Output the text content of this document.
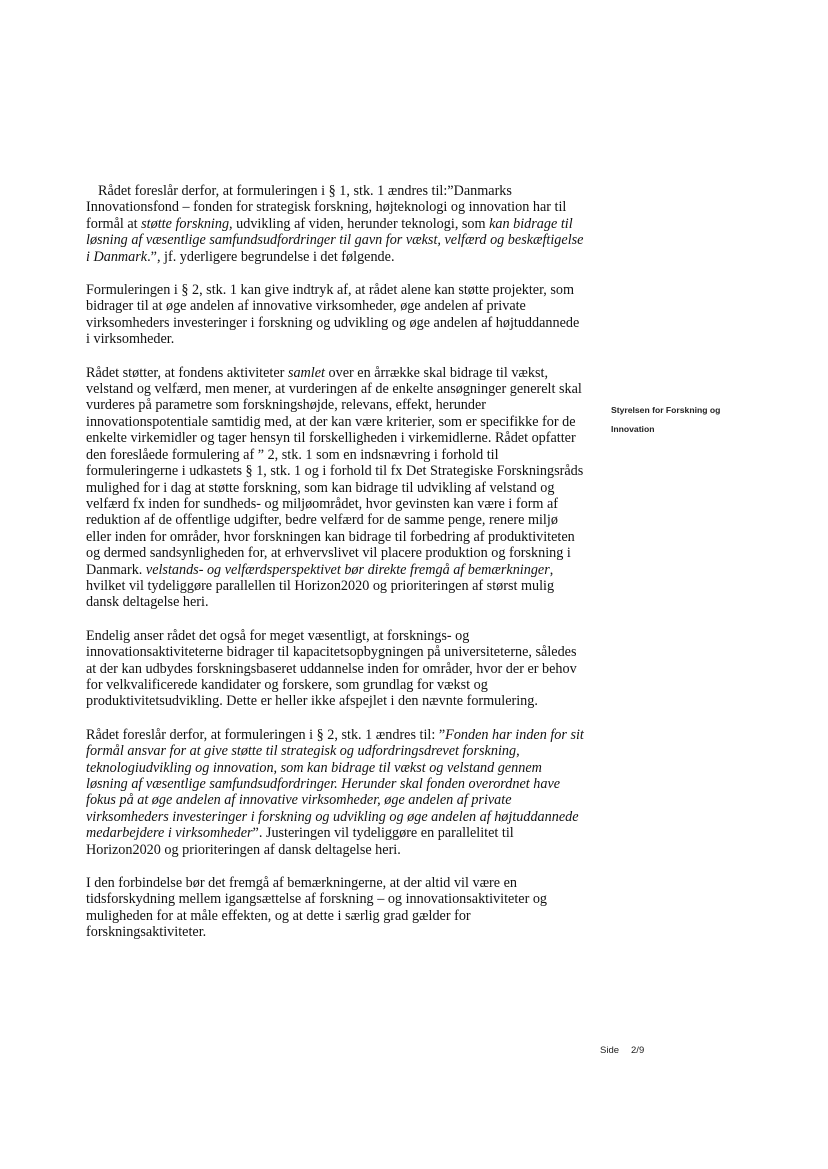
Rådet foreslår derfor, at formuleringen i § 1, stk. 1 ændres til:”Danmarks Innovationsfond – fonden for strategisk forskning, højteknologi og innovation har til formål at støtte forskning, udvikling af viden, herunder teknologi, som kan bidrage til løsning af væsentlige samfundsudfordringer til gavn for vækst, velfærd og beskæftigelse i Danmark.”, jf. yderligere begrundelse i det følgende.

Formuleringen i § 2, stk. 1 kan give indtryk af, at rådet alene kan støtte projekter, som bidrager til at øge andelen af innovative virksomheder, øge andelen af private virksomheders investeringer i forskning og udvikling og øge andelen af højtuddannede i virksomheder.

Rådet støtter, at fondens aktiviteter samlet over en årrække skal bidrage til vækst, velstand og velfærd, men mener, at vurderingen af de enkelte ansøgninger generelt skal vurderes på parametre som forskningshøjde, relevans, effekt, herunder innovationspotentiale samtidig med, at der kan være kriterier, som er specifikke for de enkelte virkemidler og tager hensyn til forskelligheden i virkemidlerne. Rådet opfatter den foreslåede formulering af ” 2, stk. 1 som en indsnævring i forhold til formuleringerne i udkastets § 1, stk. 1 og i forhold til fx Det Strategiske Forskningsråds mulighed for i dag at støtte forskning, som kan bidrage til udvikling af velstand og velfærd fx inden for sundheds- og miljøområdet, hvor gevinsten kan være i form af reduktion af de offentlige udgifter, bedre velfærd for de samme penge, renere miljø eller inden for områder, hvor forskningen kan bidrage til forbedring af produktiviteten og dermed sandsynligheden for, at erhvervslivet vil placere produktion og forskning i Danmark. velstands- og velfærdsperspektivet bør direkte fremgå af bemærkninger, hvilket vil tydeliggøre parallellen til Horizon2020 og prioriteringen af størst mulig dansk deltagelse heri.

Endelig anser rådet det også for meget væsentligt, at forsknings- og innovationsaktiviteterne bidrager til kapacitetsopbygningen på universiteterne, således at der kan udbydes forskningsbaseret uddannelse inden for områder, hvor der er behov for velkvalificerede kandidater og forskere, som grundlag for vækst og produktivitetsudvikling. Dette er heller ikke afspejlet i den nævnte formulering.

Rådet foreslår derfor, at formuleringen i § 2, stk. 1 ændres til: ”Fonden har inden for sit formål ansvar for at give støtte til strategisk og udfordringsdrevet forskning, teknologiudvikling og innovation, som kan bidrage til vækst og velstand gennem løsning af væsentlige samfundsudfordringer. Herunder skal fonden overordnet have fokus på at øge andelen af innovative virksomheder, øge andelen af private virksomheders investeringer i forskning og udvikling og øge andelen af højtuddannede medarbejdere i virksomheder”. Justeringen vil tydeliggøre en parallelitet til Horizon2020 og prioriteringen af dansk deltagelse heri.

I den forbindelse bør det fremgå af bemærkningerne, at der altid vil være en tidsforskydning mellem igangsættelse af forskning – og innovationsaktiviteter og muligheden for at måle effekten, og at dette i særlig grad gælder for forskningsaktiviteter.

Styrelsen for Forskning og
Innovation
Side 2/9
